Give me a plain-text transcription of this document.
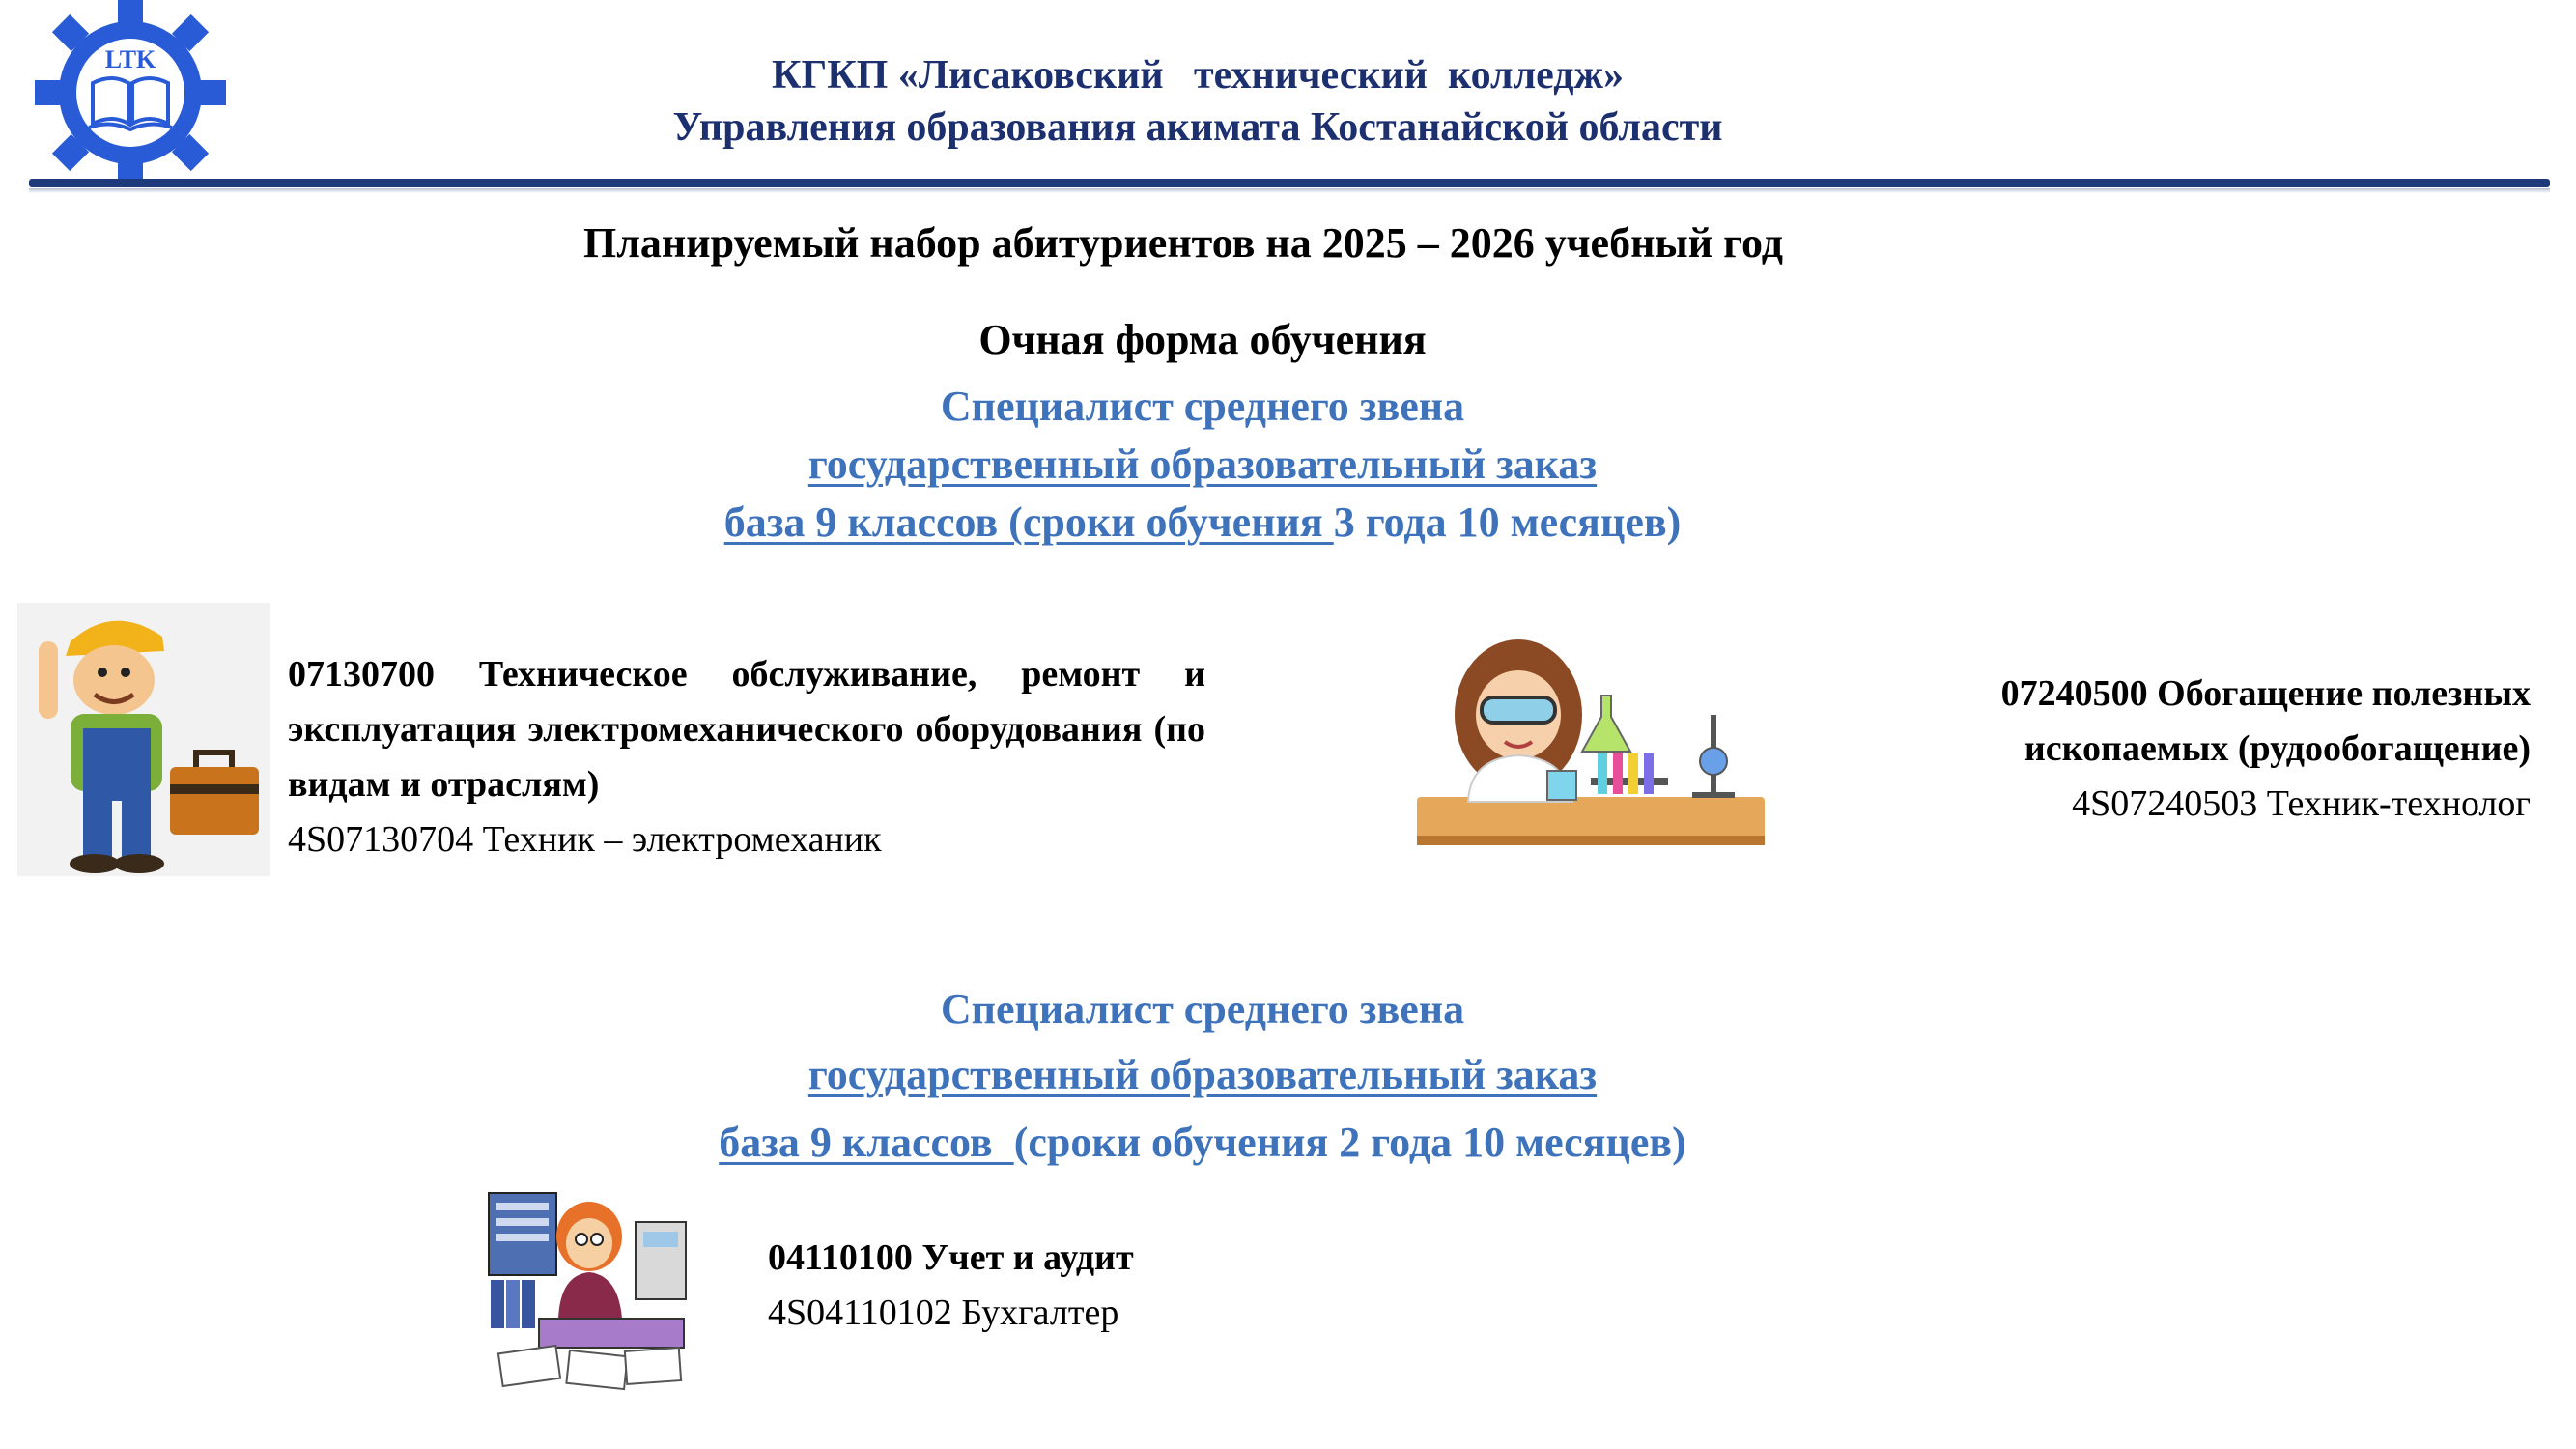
LTK	КГКП «Лисаковский   технический  колледж»
Управления образования акимата Костанайской области
Планируемый набор абитуриентов на 2025 – 2026 учебный год
Очная форма обучения
Специалист среднего звена
государственный образовательный заказ
база 9 классов (сроки обучения 3 года 10 месяцев)
07130700 Техническое обслуживание, ремонт и эксплуатация электромеханического оборудования (по видам и отраслям)
4S07130704 Техник – электромеханик
07240500 Обогащение полезных
ископаемых (рудообогащение)
4S07240503 Техник-технолог
Специалист среднего звена
государственный образовательный заказ
база 9 классов  (сроки обучения 2 года 10 месяцев)
04110100 Учет и аудит
4S04110102 Бухгалтер
